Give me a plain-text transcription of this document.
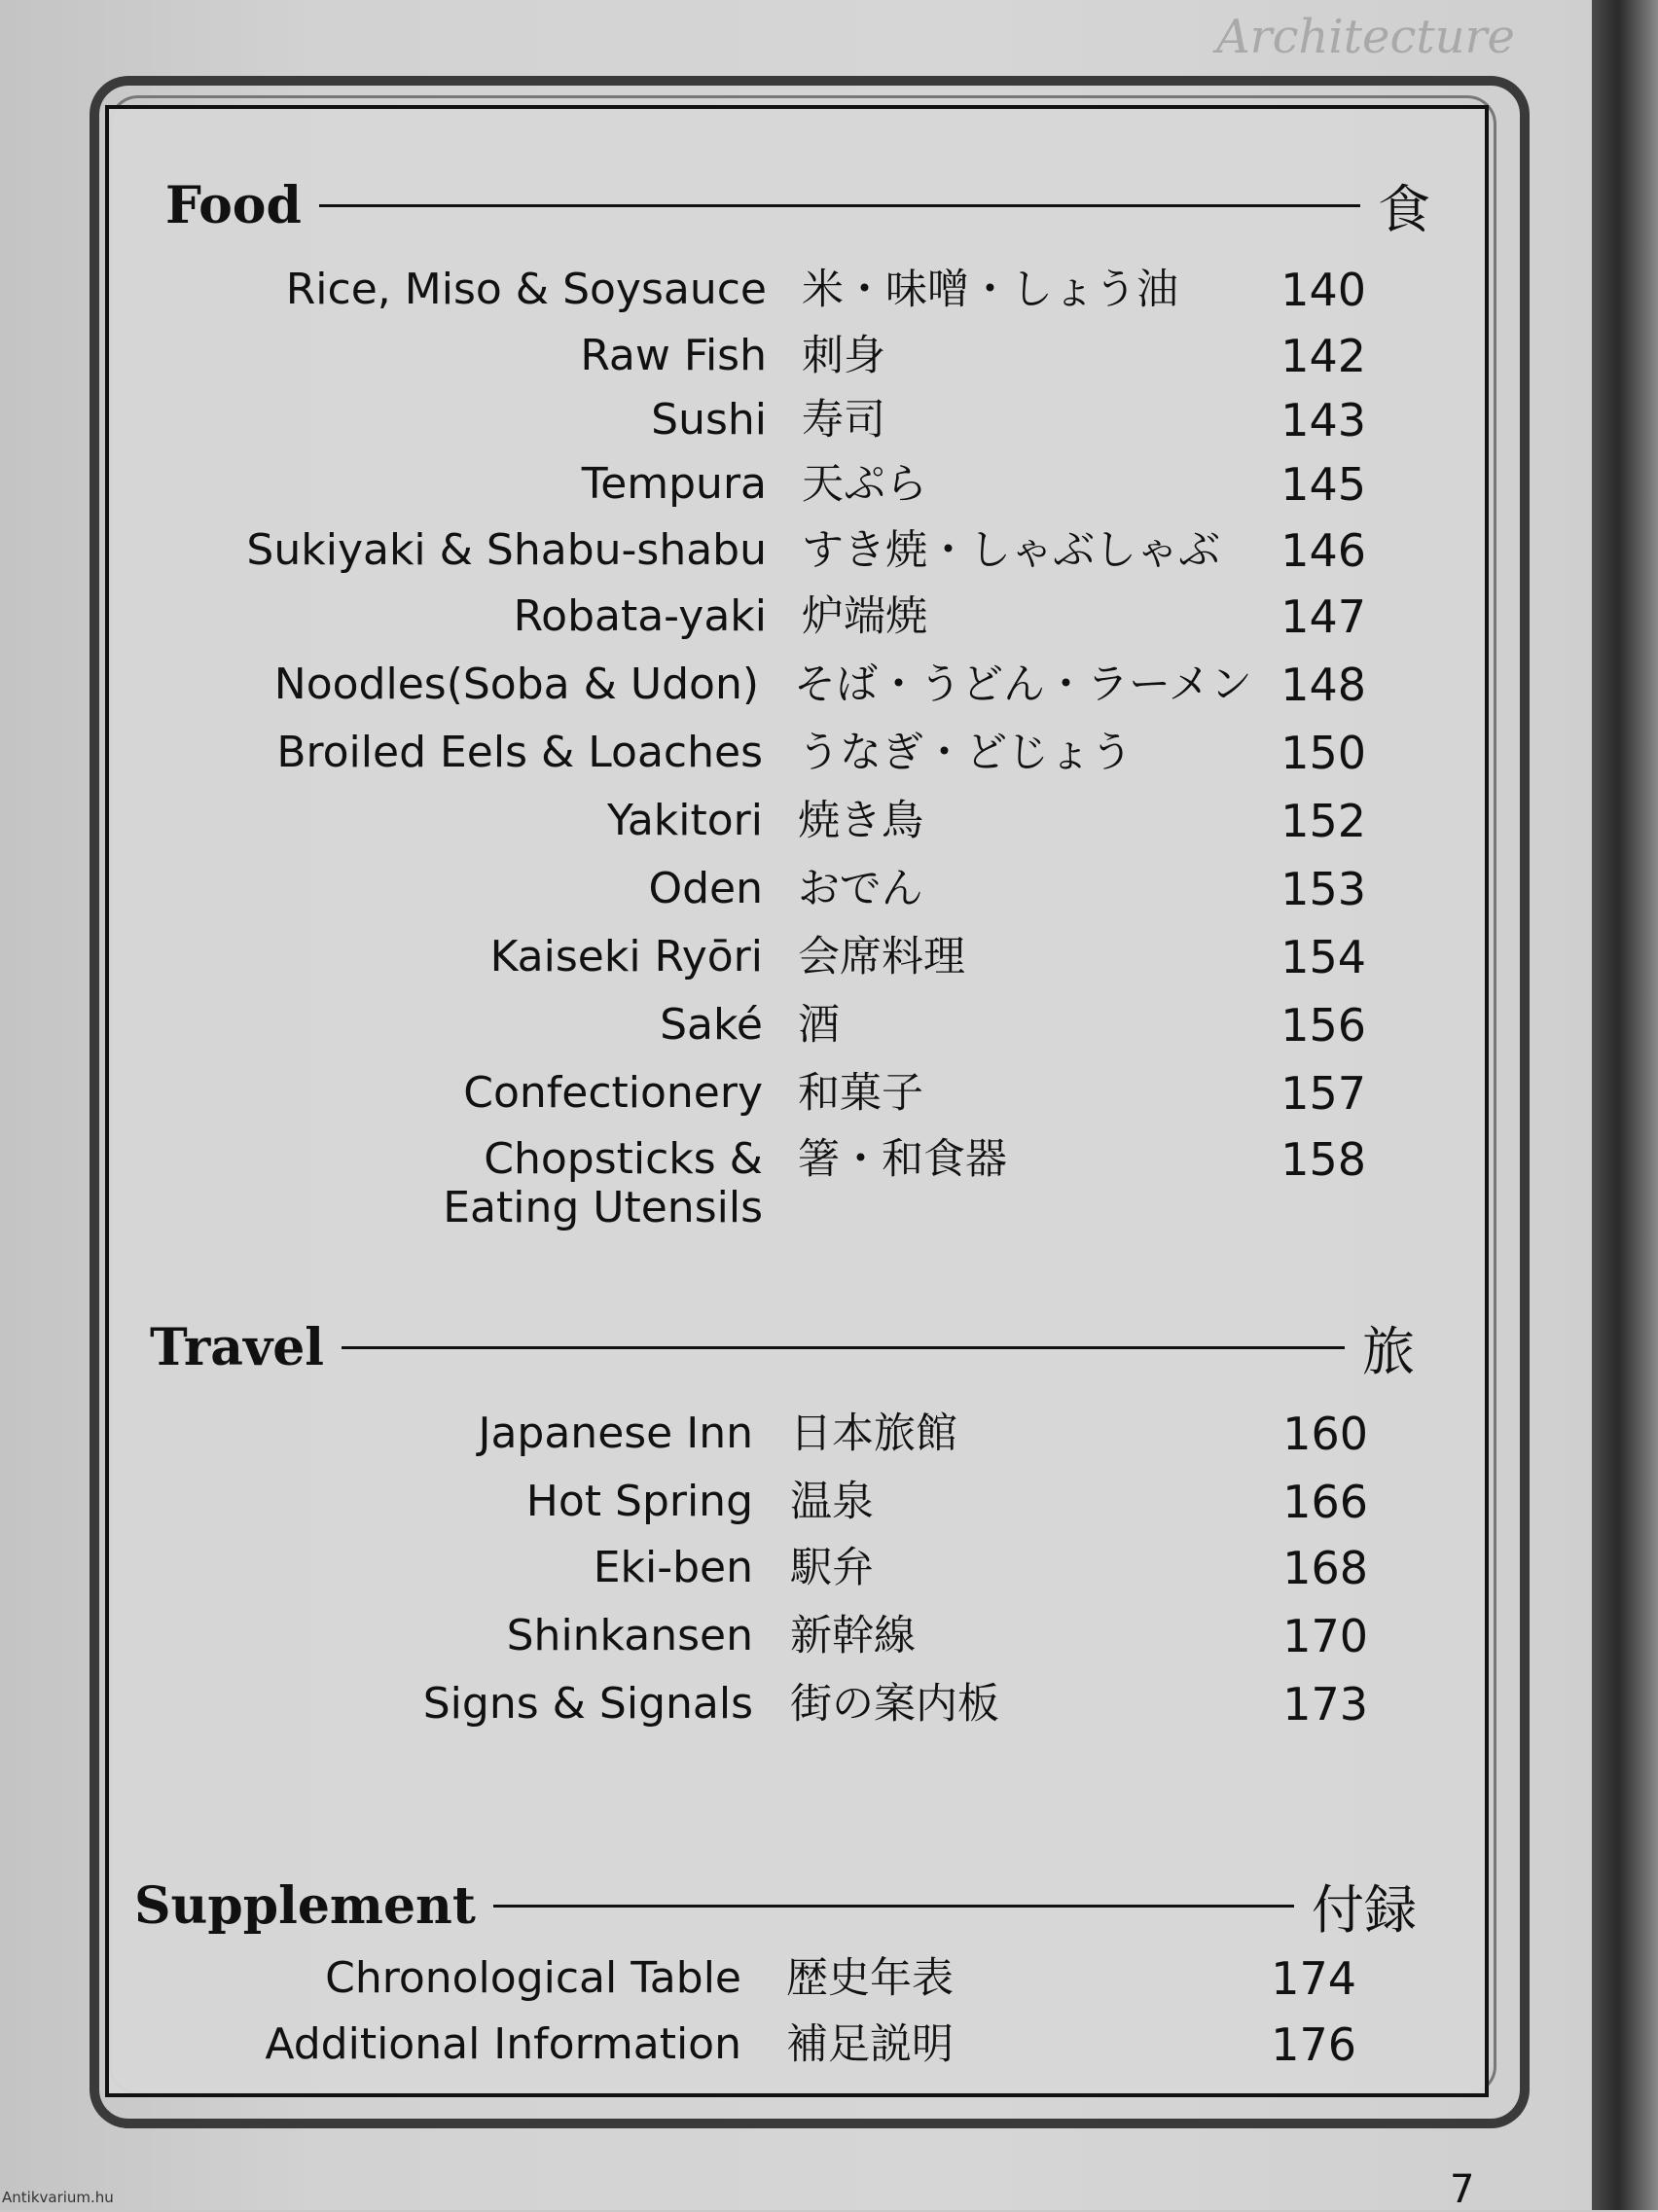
Architecture
Food	食
Rice, Miso & Soysauce 米・味噌・しょう油	140
Raw Fish 刺身	142
Sushi 寿司	143
Tempura 天ぷら	145
Sukiyaki & Shabu-shabu すき焼・しゃぶしゃぶ	146
Robata-yaki 炉端焼	147
Noodles(Soba & Udon) そば・うどん・ラーメン 148
Broiled Eels & Loaches うなぎ・どじょう	150
Yakitori 焼き鳥	152
Oden おでん	153
Kaiseki Ryōri 会席料理	154
Saké 酒	156
Confectionery 和菓子	157
Chopsticks &
Eating Utensils
箸・和食器	158
Travel	旅
Japanese Inn 日本旅館	160
Hot Spring 温泉	166
Eki-ben 駅弁	168
Shinkansen 新幹線	170
Signs & Signals 街の案内板	173
Supplement	付録
Chronological Table 歴史年表	174
Additional Information 補足説明	176
7
Antikvarium.hu
